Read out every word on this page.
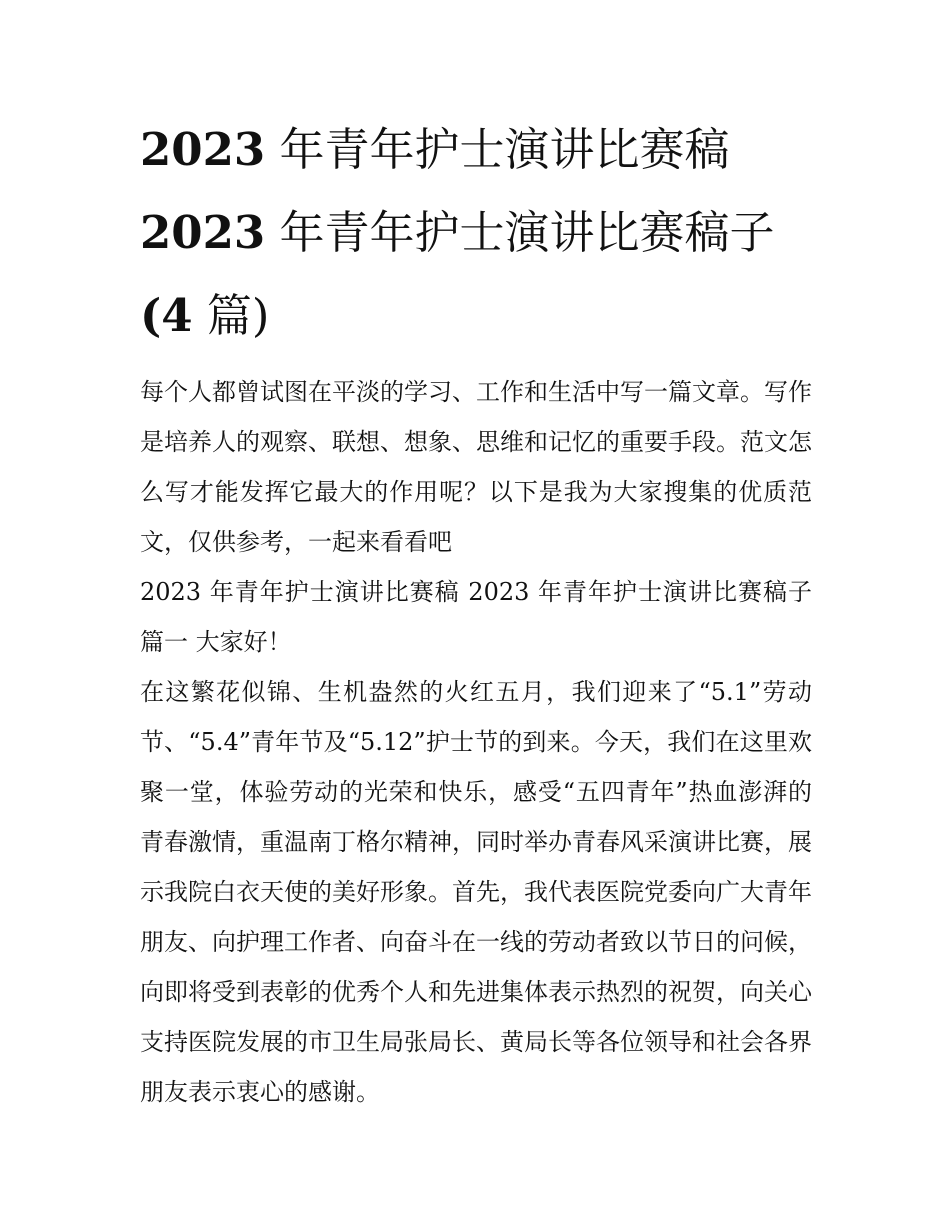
2023 年青年护士演讲比赛稿
2023 年青年护士演讲比赛稿子
(4 篇)

每个人都曾试图在平淡的学习、工作和生活中写一篇文章。写作是培养人的观察、联想、想象、思维和记忆的重要手段。范文怎么写才能发挥它最大的作用呢？以下是我为大家搜集的优质范文，仅供参考，一起来看看吧

2023 年青年护士演讲比赛稿 2023 年青年护士演讲比赛稿子篇一 大家好！

在这繁花似锦、生机盎然的火红五月，我们迎来了“5.1”劳动节、“5.4”青年节及“5.12”护士节的到来。今天，我们在这里欢聚一堂，体验劳动的光荣和快乐，感受“五四青年”热血澎湃的青春激情，重温南丁格尔精神，同时举办青春风采演讲比赛，展示我院白衣天使的美好形象。首先，我代表医院党委向广大青年朋友、向护理工作者、向奋斗在一线的劳动者致以节日的问候，向即将受到表彰的优秀个人和先进集体表示热烈的祝贺，向关心支持医院发展的市卫生局张局长、黄局长等各位领导和社会各界朋友表示衷心的感谢。
